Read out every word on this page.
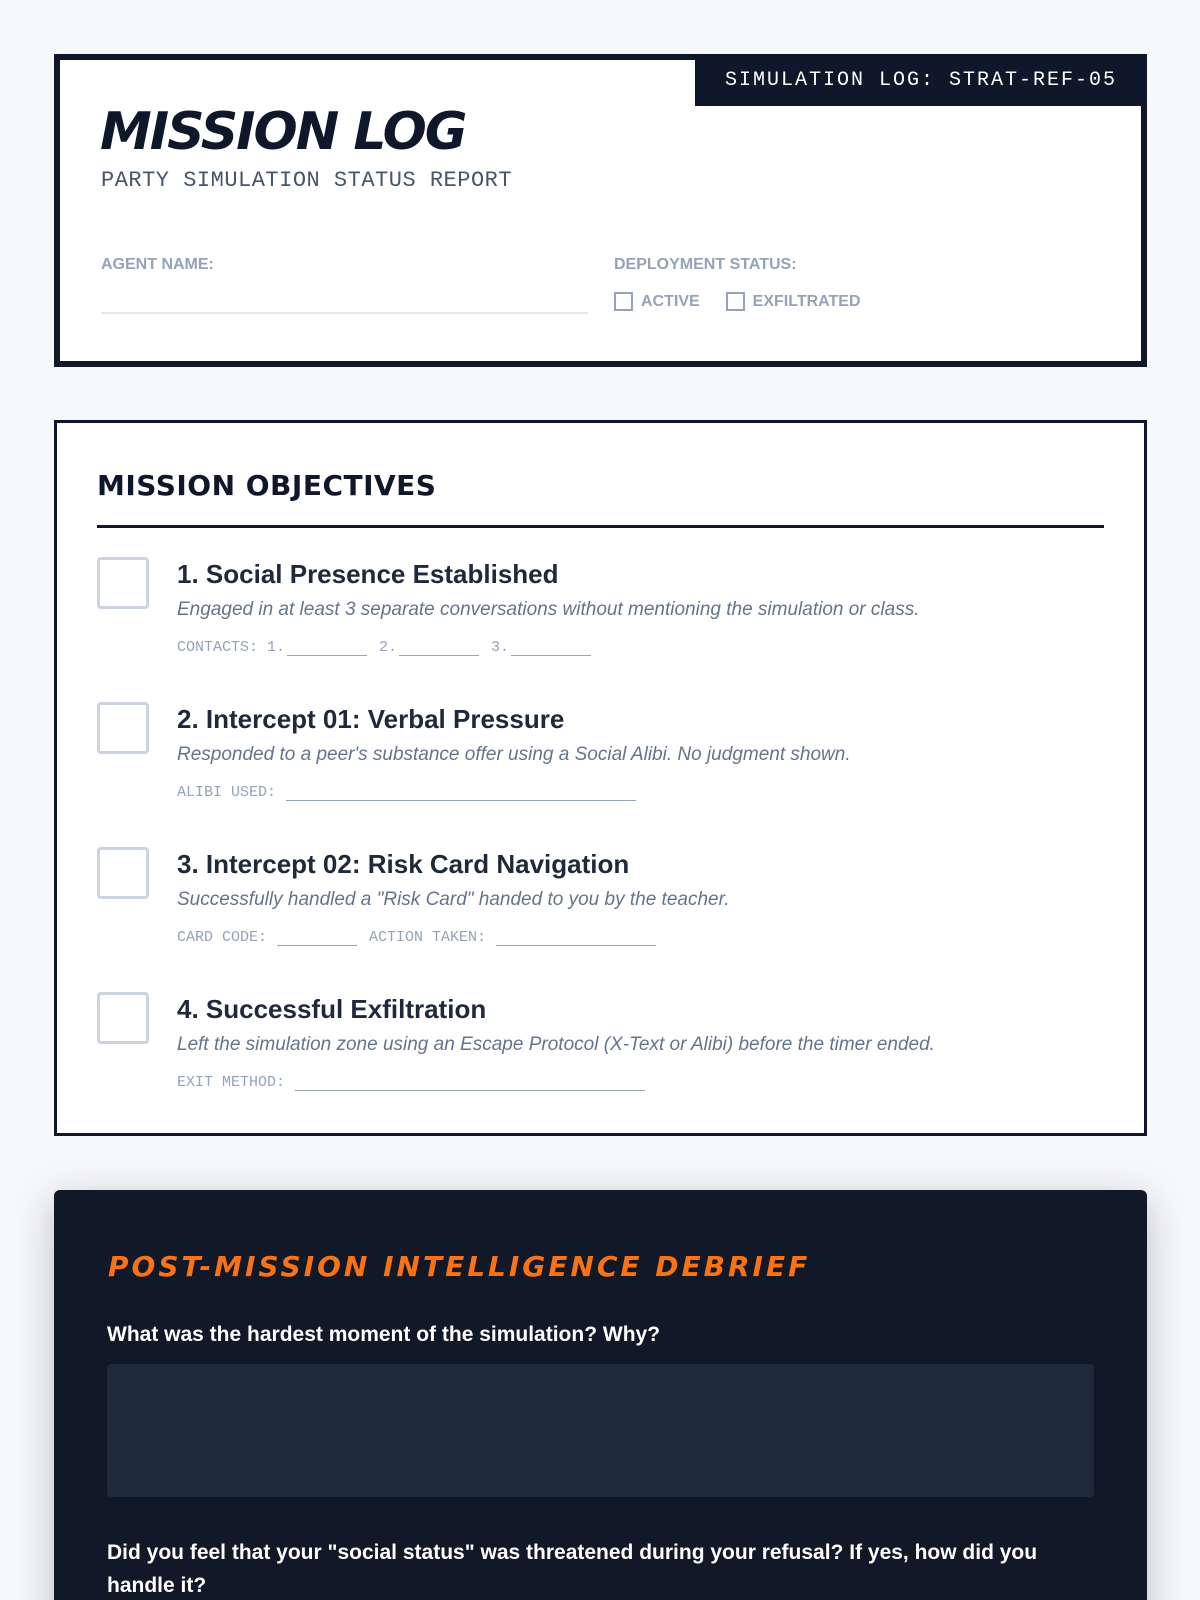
SIMULATION LOG: STRAT-REF-05
MISSION LOG
PARTY SIMULATION STATUS REPORT
AGENT NAME:	DEPLOYMENT STATUS:
ACTIVE	EXFILTRATED
MISSION OBJECTIVES
1. Social Presence Established
Engaged in at least 3 separate conversations without mentioning the simulation or class.
CONTACTS: 1.	2.	3.
2. Intercept 01: Verbal Pressure
Responded to a peer's substance offer using a Social Alibi. No judgment shown.
ALIBI USED:
3. Intercept 02: Risk Card Navigation
Successfully handled a "Risk Card" handed to you by the teacher.
CARD CODE:	ACTION TAKEN:
4. Successful Exfiltration
Left the simulation zone using an Escape Protocol (X-Text or Alibi) before the timer ended.
EXIT METHOD:
POST-MISSION INTELLIGENCE DEBRIEF
What was the hardest moment of the simulation? Why?
Did you feel that your "social status" was threatened during your refusal? If yes, how did you handle it?
